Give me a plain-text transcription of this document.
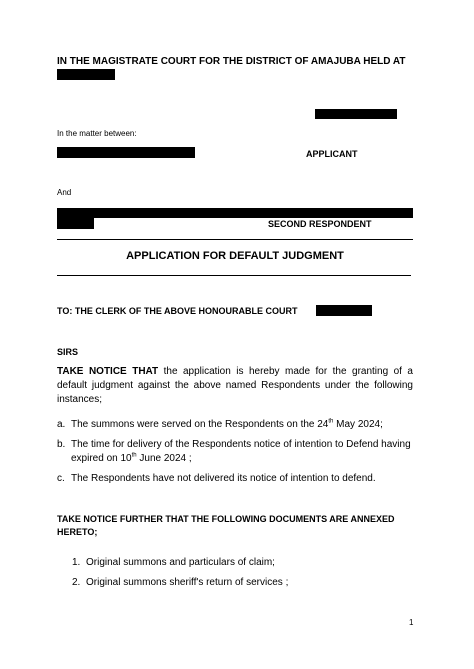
IN THE MAGISTRATE COURT FOR THE DISTRICT OF AMAJUBA HELD AT
In the matter between:
APPLICANT
And
SECOND RESPONDENT
APPLICATION FOR DEFAULT JUDGMENT
TO: THE CLERK OF THE ABOVE HONOURABLE COURT
SIRS
TAKE NOTICE THAT the application is hereby made for the granting of a default judgment against the above named Respondents under the following instances;
a. The summons were served on the Respondents on the 24th May 2024;
b. The time for delivery of the Respondents notice of intention to Defend having
expired on 10th June 2024 ;
c. The Respondents have not delivered its notice of intention to defend.
TAKE NOTICE FURTHER THAT THE FOLLOWING DOCUMENTS ARE ANNEXED
HERETO;
1. Original summons and particulars of claim;
2. Original summons sheriff's return of services ;
1
